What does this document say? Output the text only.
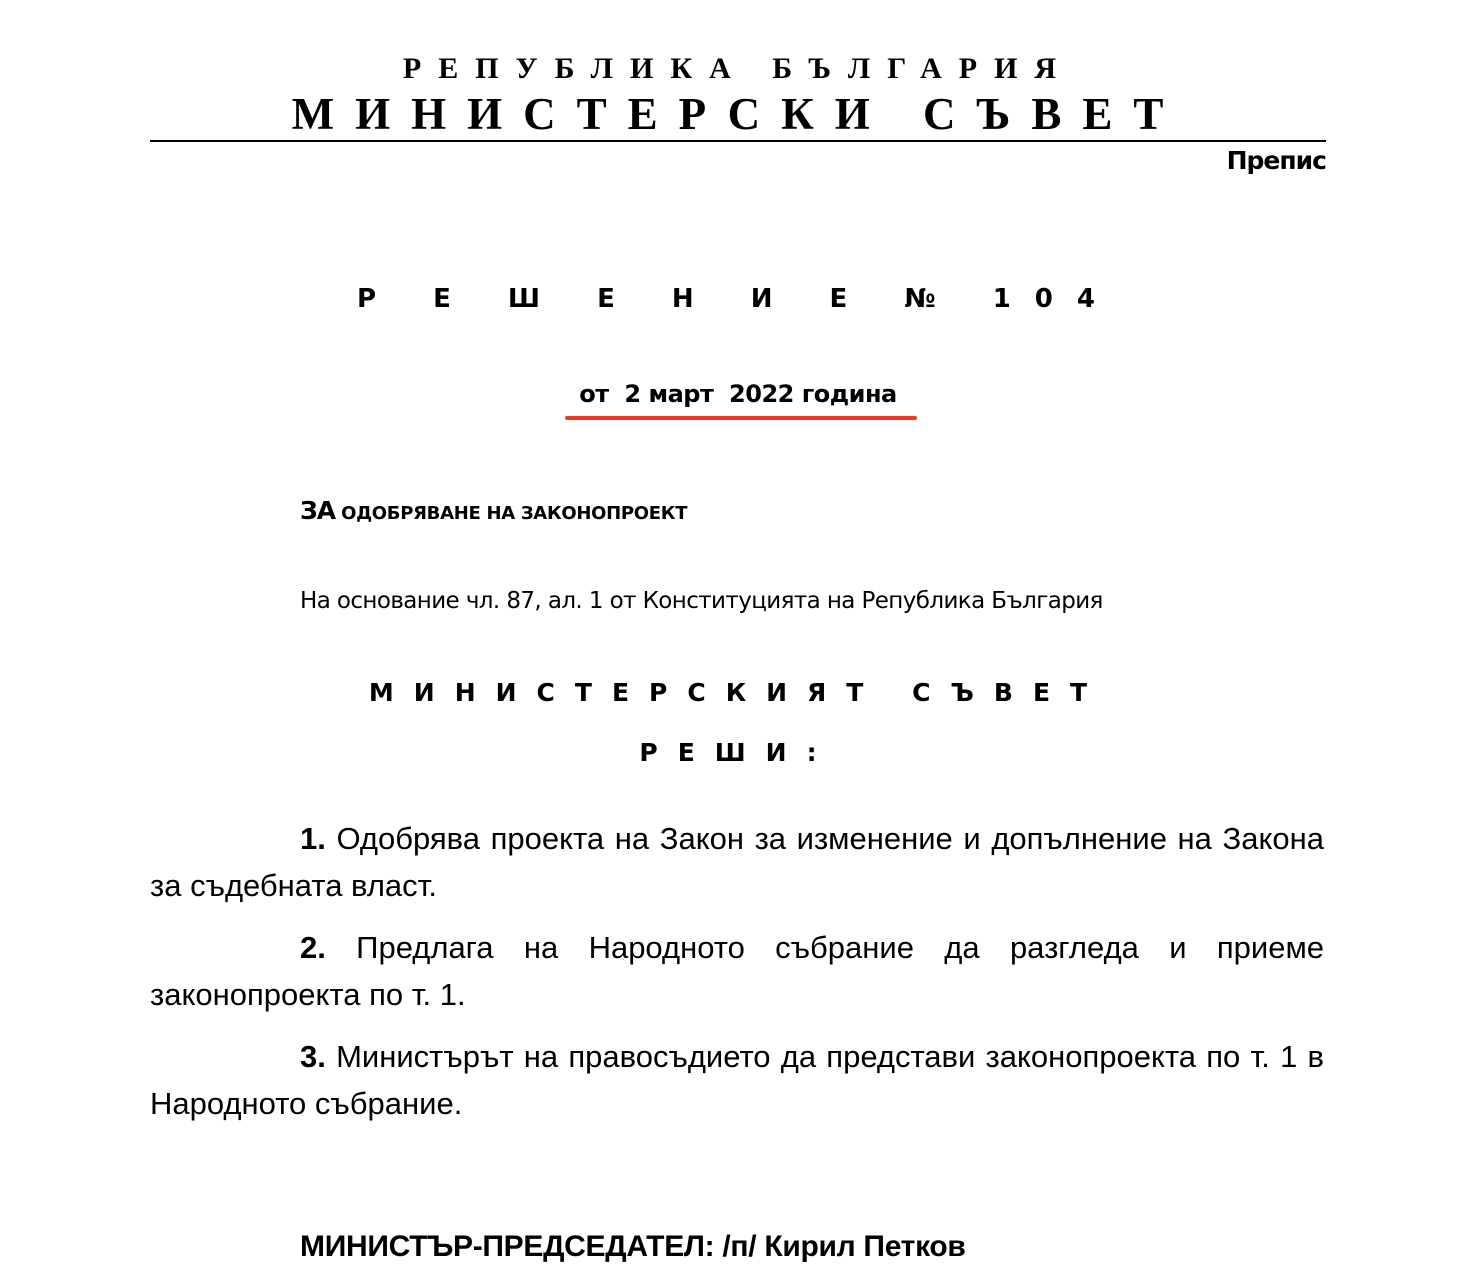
РЕПУБЛИКА БЪЛГАРИЯ
МИНИСТЕРСКИ СЪВЕТ
Препис
Р Е Ш Е Н И Е № 104
от  2 март  2022 година
ЗА ОДОБРЯВАНЕ НА ЗАКОНОПРОЕКТ
На основание чл. 87, ал. 1 от Конституцията на Република България
МИНИСТЕРСКИЯТ СЪВЕТ
РЕШИ:
1. Одобрява проекта на Закон за изменение и допълнение на Закона за съдебната власт.
2. Предлага на Народното събрание да разгледа и приеме законопроекта по т. 1.
3. Министърът на правосъдието да представи законопроекта по т. 1 в Народното събрание.
МИНИСТЪР-ПРЕДСЕДАТЕЛ: /п/ Кирил Петков
